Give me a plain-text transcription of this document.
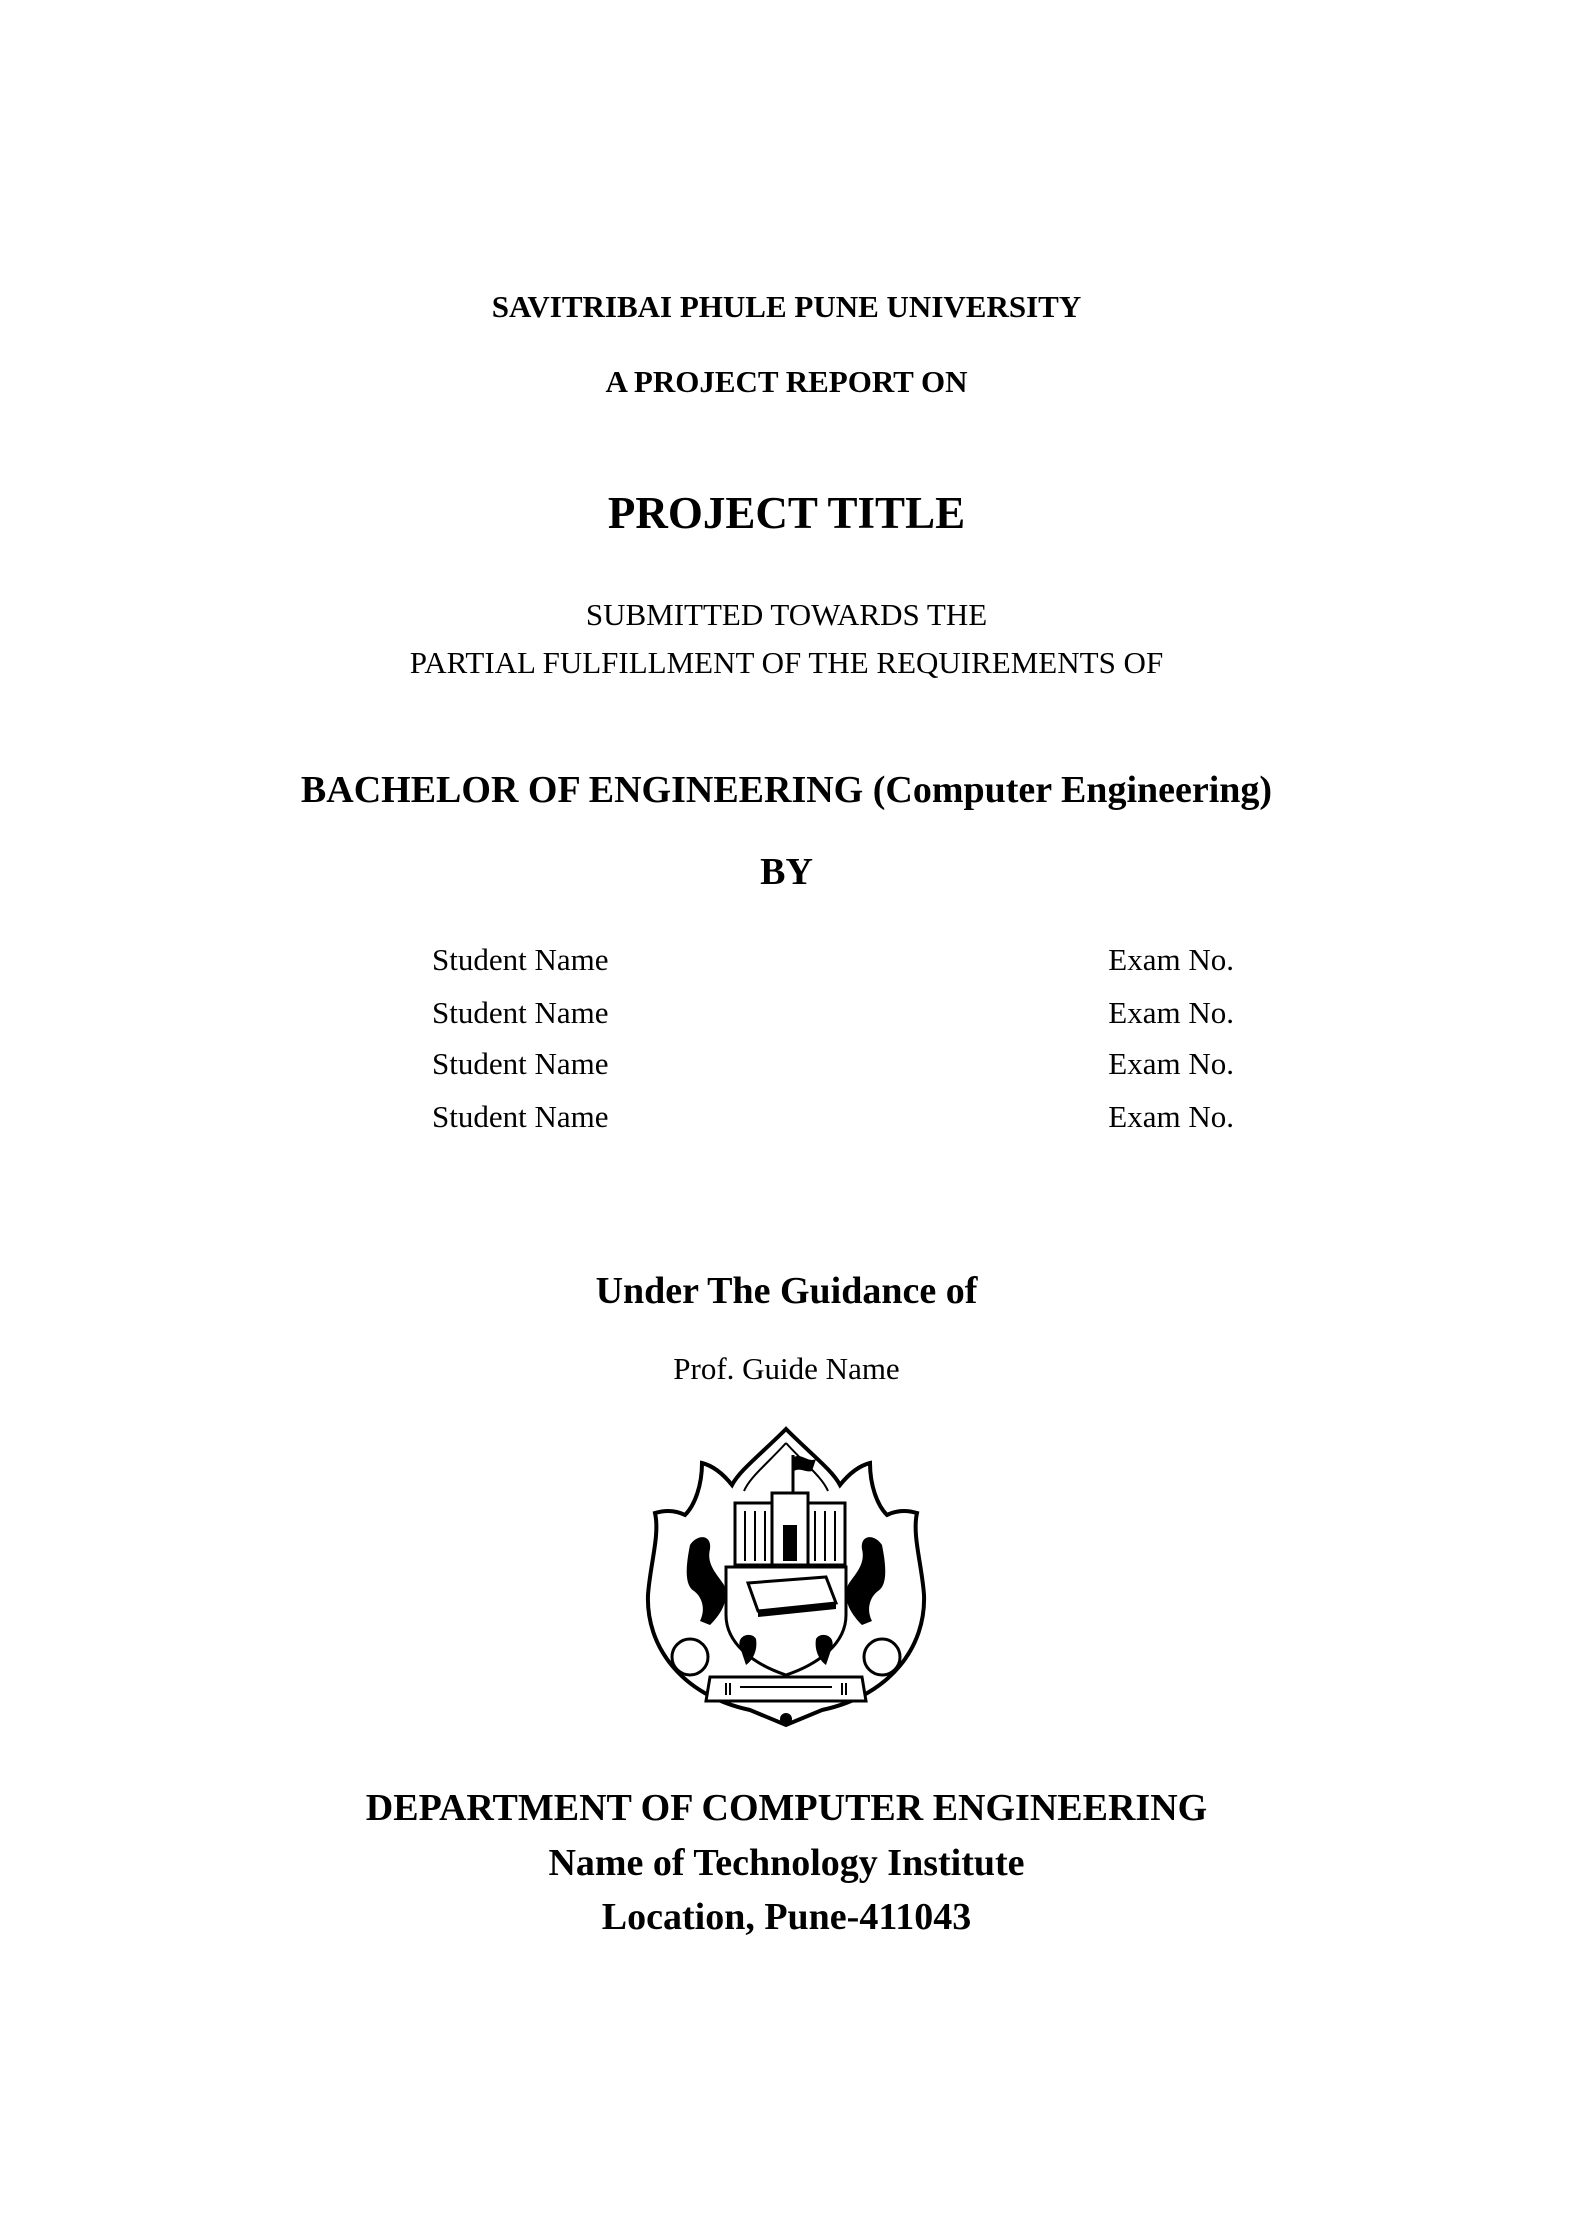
SAVITRIBAI PHULE PUNE UNIVERSITY
A PROJECT REPORT ON
PROJECT TITLE
SUBMITTED TOWARDS THE
PARTIAL FULFILLMENT OF THE REQUIREMENTS OF
BACHELOR OF ENGINEERING (Computer Engineering)
BY
Student Name	Exam No.
Student Name	Exam No.
Student Name	Exam No.
Student Name	Exam No.
Under The Guidance of
Prof. Guide Name
DEPARTMENT OF COMPUTER ENGINEERING
Name of Technology Institute
Location, Pune-411043
